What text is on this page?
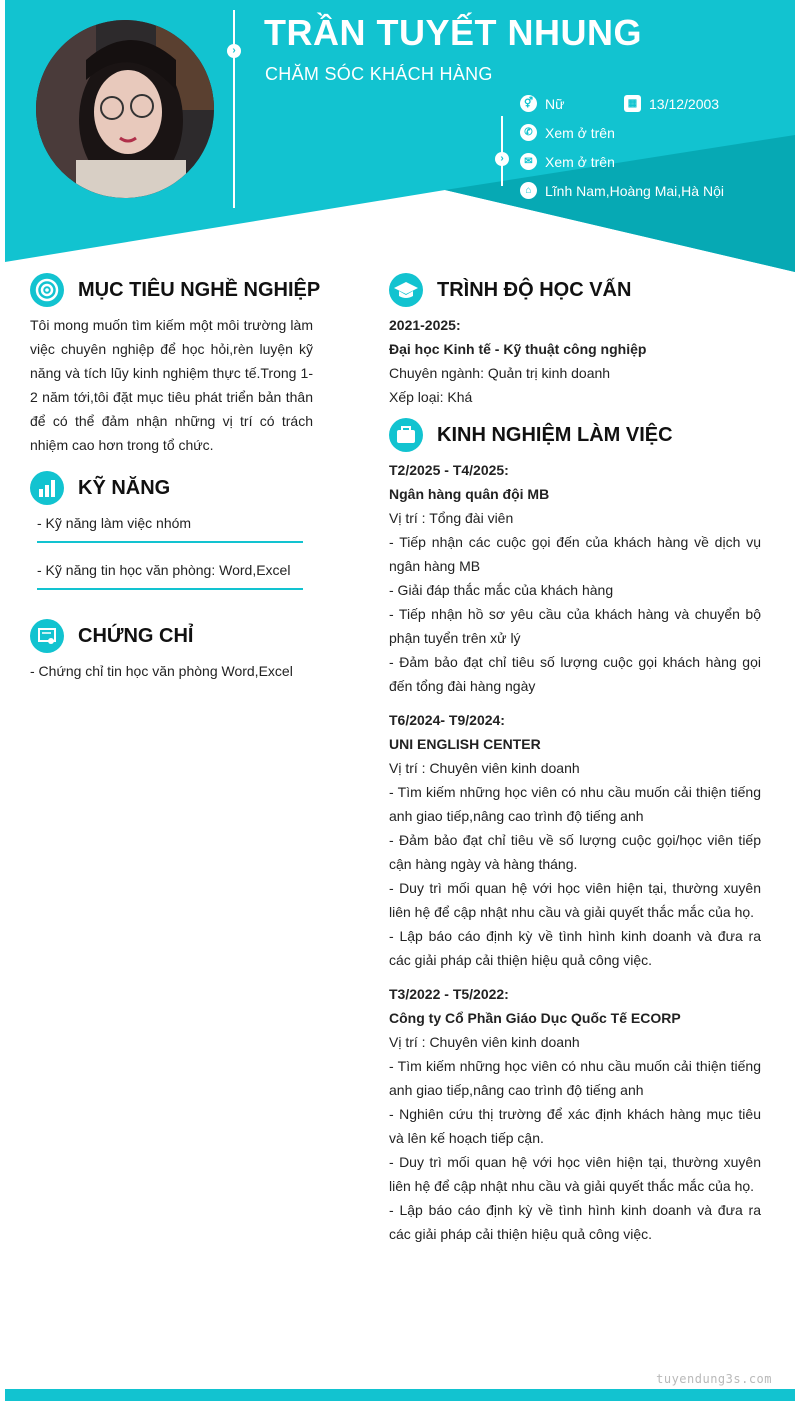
› TRẦN TUYẾT NHUNG
CHĂM SÓC KHÁCH HÀNG
›
⚥ Nữ	▦ 13/12/2003
✆ Xem ở trên
✉ Xem ở trên
⌂ Lĩnh Nam,Hoàng Mai,Hà Nội
MỤC TIÊU NGHỀ NGHIỆP
Tôi mong muốn tìm kiếm một môi trường làm việc chuyên nghiệp để học hỏi,rèn luyện kỹ năng và tích lũy kinh nghiệm thực tế.Trong 1-2 năm tới,tôi đặt mục tiêu phát triển bản thân để có thể đảm nhận những vị trí có trách nhiệm cao hơn trong tổ chức.
KỸ NĂNG
- Kỹ năng làm việc nhóm
- Kỹ năng tin học văn phòng: Word,Excel
CHỨNG CHỈ
- Chứng chỉ tin học văn phòng Word,Excel
TRÌNH ĐỘ HỌC VẤN
2021-2025:
Đại học Kinh tế - Kỹ thuật công nghiệp
Chuyên ngành: Quản trị kinh doanh
Xếp loại: Khá
KINH NGHIỆM LÀM VIỆC
T2/2025 - T4/2025:
Ngân hàng quân đội MB
Vị trí : Tổng đài viên
- Tiếp nhận các cuộc gọi đến của khách hàng về dịch vụ ngân hàng MB
- Giải đáp thắc mắc của khách hàng
- Tiếp nhận hồ sơ yêu cầu của khách hàng và chuyển bộ phận tuyển trên xử lý
- Đảm bảo đạt chỉ tiêu số lượng cuộc gọi khách hàng gọi đến tổng đài hàng ngày
T6/2024- T9/2024:
UNI ENGLISH CENTER
Vị trí : Chuyên viên kinh doanh
- Tìm kiếm những học viên có nhu cầu muốn cải thiện tiếng anh giao tiếp,nâng cao trình độ tiếng anh
- Đảm bảo đạt chỉ tiêu về số lượng cuộc gọi/học viên tiếp cận hàng ngày và hàng tháng.
- Duy trì mối quan hệ với học viên hiện tại, thường xuyên liên hệ để cập nhật nhu cầu và giải quyết thắc mắc của họ.
- Lập báo cáo định kỳ về tình hình kinh doanh và đưa ra các giải pháp cải thiện hiệu quả công việc.
T3/2022 - T5/2022:
Công ty Cổ Phần Giáo Dục Quốc Tế ECORP
Vị trí : Chuyên viên kinh doanh
- Tìm kiếm những học viên có nhu cầu muốn cải thiện tiếng anh giao tiếp,nâng cao trình độ tiếng anh
- Nghiên cứu thị trường để xác định khách hàng mục tiêu và lên kế hoạch tiếp cận.
- Duy trì mối quan hệ với học viên hiện tại, thường xuyên liên hệ để cập nhật nhu cầu và giải quyết thắc mắc của họ.
- Lập báo cáo định kỳ về tình hình kinh doanh và đưa ra các giải pháp cải thiện hiệu quả công việc.
tuyendung3s.com
